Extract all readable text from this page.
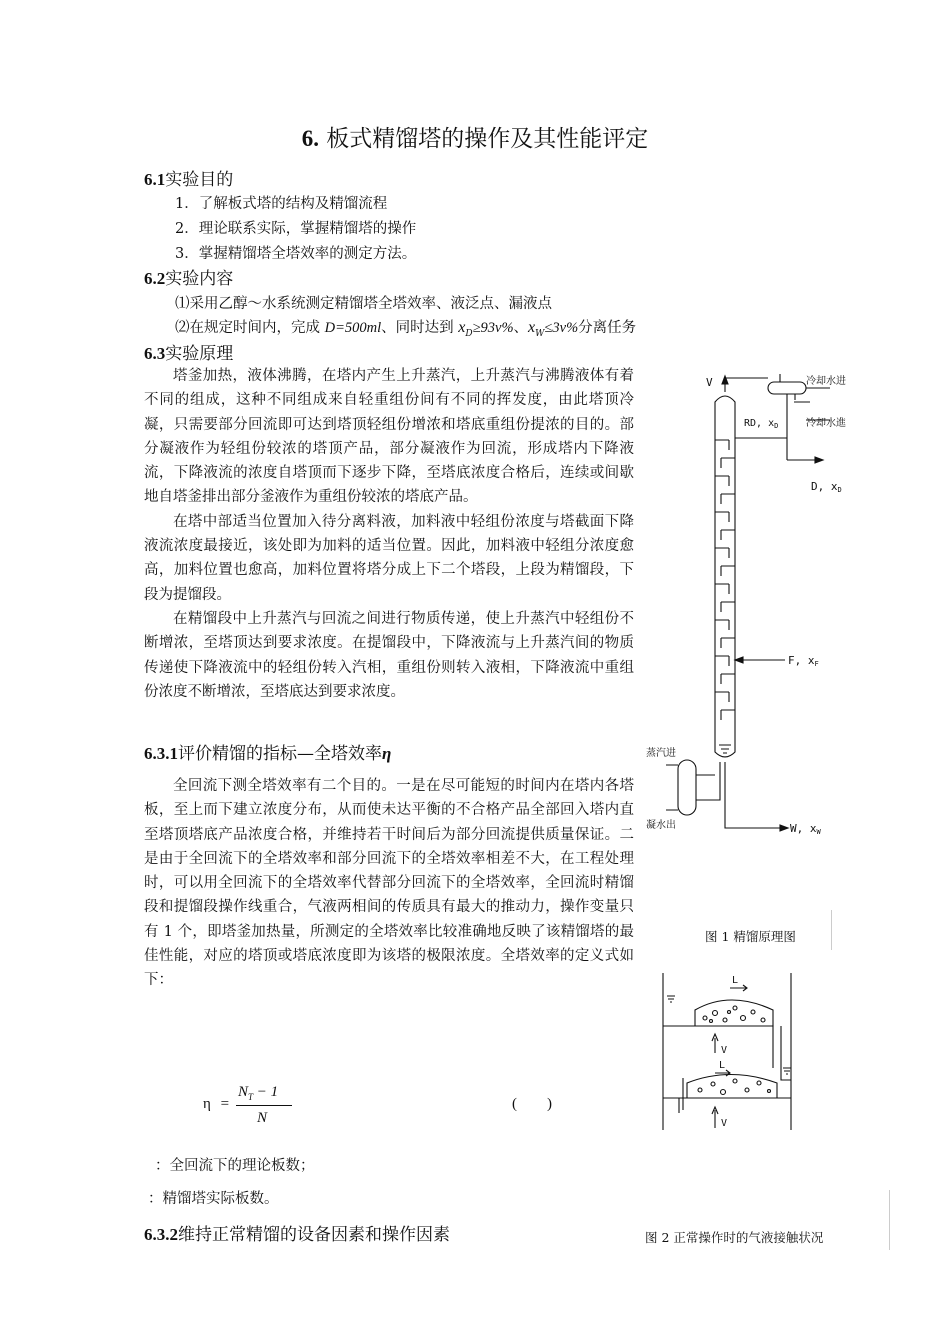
6. 板式精馏塔的操作及其性能评定
6.1实验目的
1．了解板式塔的结构及精馏流程
2．理论联系实际，掌握精馏塔的操作
3．掌握精馏塔全塔效率的测定方法。
6.2实验内容
⑴采用乙醇～水系统测定精馏塔全塔效率、液泛点、漏液点
⑵在规定时间内，完成 D=500ml、同时达到 $x_D\ge 93v\%$、$x_W\le 3v\%$分离任务
6.3实验原理

塔釜加热，液体沸腾，在塔内产生上升蒸汽，上升蒸汽与沸腾液体有着不同的组成，这种不同组成来自轻重组份间有不同的挥发度，由此塔顶冷凝，只需要部分回流即可达到塔顶轻组份增浓和塔底重组份提浓的目的。部分凝液作为轻组份较浓的塔顶产品，部分凝液作为回流，形成塔内下降液流，下降液流的浓度自塔顶而下逐步下降，至塔底浓度合格后，连续或间歇地自塔釜排出部分釜液作为重组份较浓的塔底产品。

在塔中部适当位置加入待分离料液，加料液中轻组份浓度与塔截面下降液流浓度最接近，该处即为加料的适当位置。因此，加料液中轻组分浓度愈高，加料位置也愈高，加料位置将塔分成上下二个塔段，上段为精馏段，下段为提馏段。

在精馏段中上升蒸汽与回流之间进行物质传递，使上升蒸汽中轻组份不断增浓，至塔顶达到要求浓度。在提馏段中，下降液流与上升蒸汽间的物质传递使下降液流中的轻组份转入汽相，重组份则转入液相，下降液流中重组份浓度不断增浓，至塔底达到要求浓度。

6.3.1评价精馏的指标—全塔效率η

全回流下测全塔效率有二个目的。一是在尽可能短的时间内在塔内各塔板，至上而下建立浓度分布，从而使未达平衡的不合格产品全部回入塔内直至塔顶塔底产品浓度合格，并维持若干时间后为部分回流提供质量保证。二是由于全回流下的全塔效率和部分回流下的全塔效率相差不大，在工程处理时，可以用全回流下的全塔效率代替部分回流下的全塔效率，全回流时精馏段和提馏段操作线重合，气液两相间的传质具有最大的推动力，操作变量只有 1 个，即塔釜加热量，所测定的全塔效率比较准确地反映了该精馏塔的最佳性能，对应的塔顶或塔底浓度即为该塔的极限浓度。全塔效率的定义式如下：

η =
$N_T - 1$
N
(        )
：全回流下的理论板数；
：精馏塔实际板数。
6.3.2维持正常精馏的设备因素和操作因素
V	冷却水进
冷却水進
RD, $x_D$
D, xD
F, xF
蒸汽进
凝水出	W, xW
图 1 精馏原理图
L
V
L
V
图 2 正常操作时的气液接触状况
